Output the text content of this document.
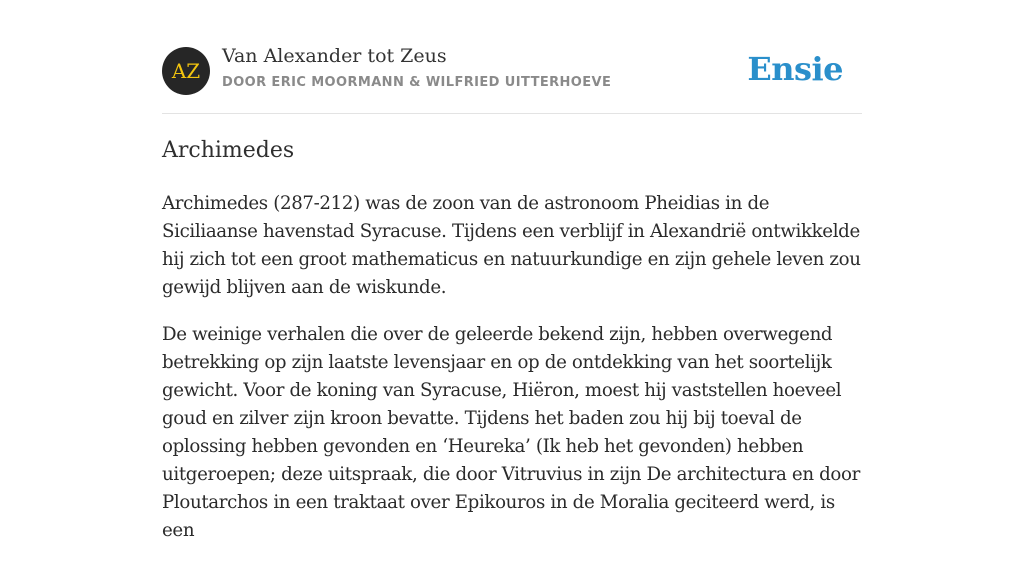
AZ
Van Alexander tot Zeus
DOOR ERIC MOORMANN & WILFRIED UITTERHOEVE	Ensie
Archimedes

Archimedes (287-212) was de zoon van de astronoom Pheidias in de Siciliaanse havenstad Syracuse. Tijdens een verblijf in Alexandrië ontwikkelde hij zich tot een groot mathematicus en natuurkundige en zijn gehele leven zou gewijd blijven aan de wiskunde.

De weinige verhalen die over de geleerde bekend zijn, hebben overwegend betrekking op zijn laatste levensjaar en op de ontdekking van het soortelijk gewicht. Voor de koning van Syracuse, Hiëron, moest hij vaststellen hoeveel goud en zilver zijn kroon bevatte. Tijdens het baden zou hij bij toeval de oplossing hebben gevonden en ‘Heureka’ (Ik heb het gevonden) hebben uitgeroepen; deze uitspraak, die door Vitruvius in zijn De architectura en door Ploutarchos in een traktaat over Epikouros in de Moralia geciteerd werd, is een
